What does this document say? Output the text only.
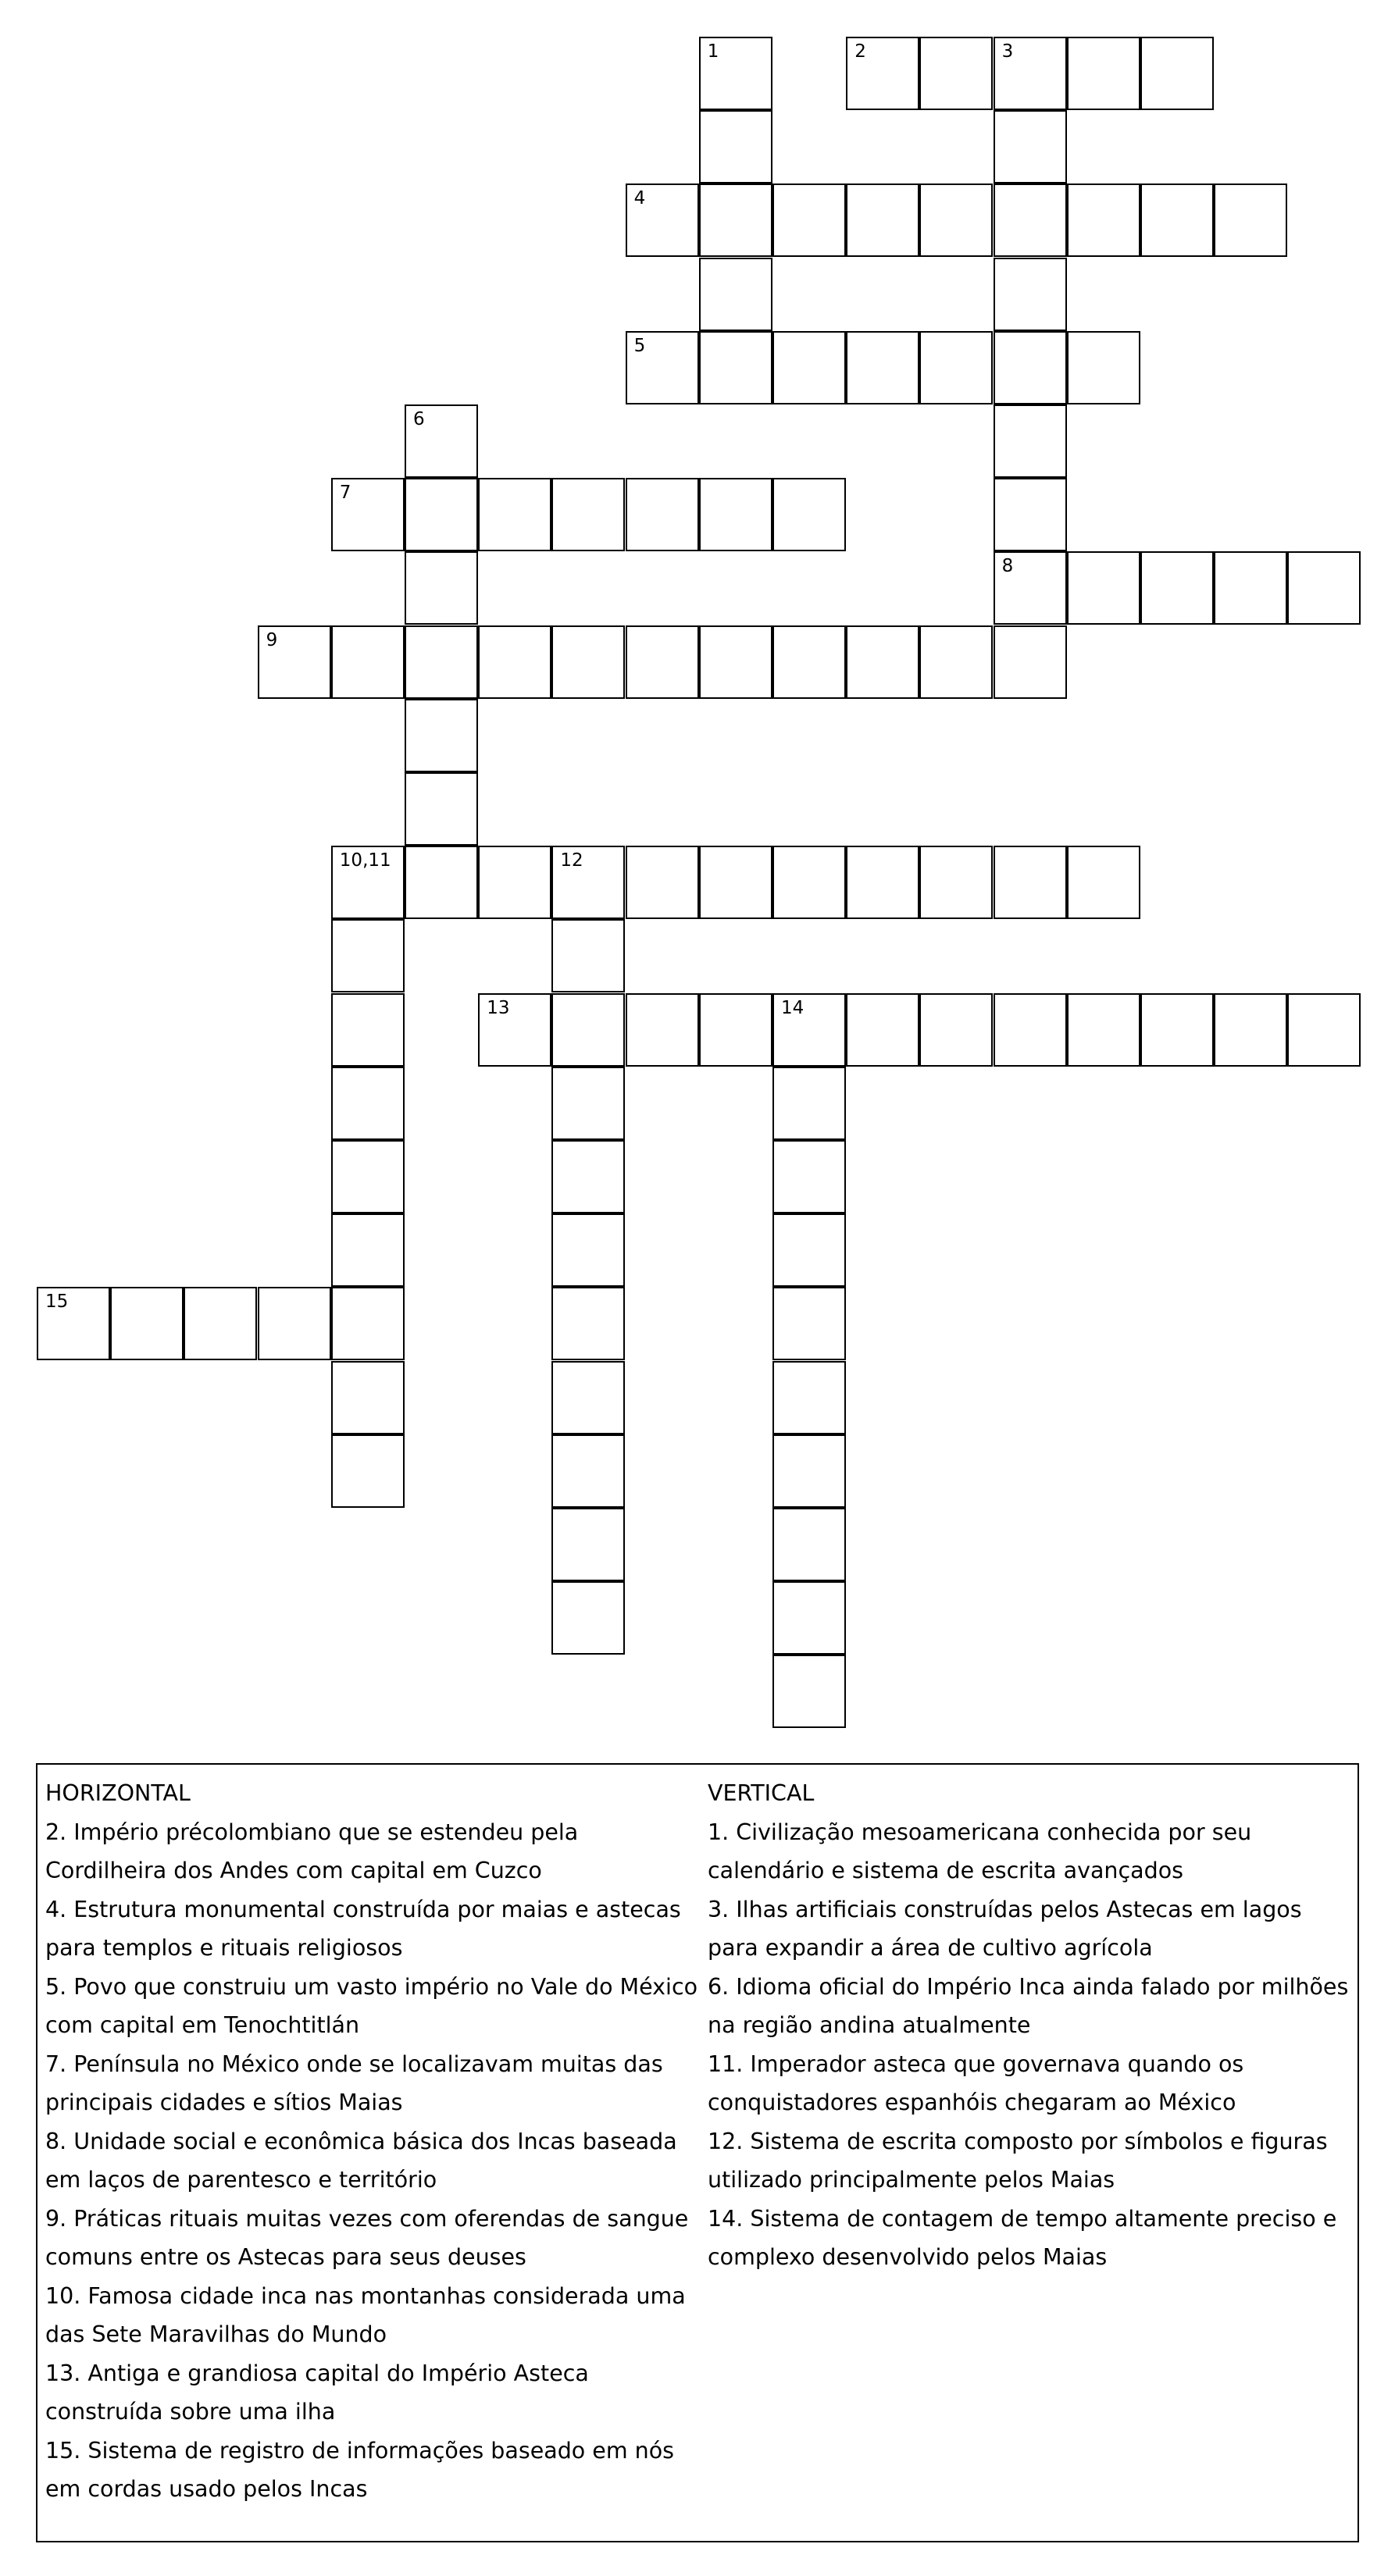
2	3
4
5
7
8
9
10,11	12
13	14
15
1
6

HORIZONTAL

2. Império précolombiano que se estendeu pela Cordilheira dos Andes com capital em Cuzco

4. Estrutura monumental construída por maias e astecas para templos e rituais religiosos

5. Povo que construiu um vasto império no Vale do México com capital em Tenochtitlán

7. Península no México onde se localizavam muitas das principais cidades e sítios Maias

8. Unidade social e econômica básica dos Incas baseada em laços de parentesco e território

9. Práticas rituais muitas vezes com oferendas de sangue comuns entre os Astecas para seus deuses

10. Famosa cidade inca nas montanhas considerada uma das Sete Maravilhas do Mundo

13. Antiga e grandiosa capital do Império Asteca construída sobre uma ilha

15. Sistema de registro de informações baseado em nós em cordas usado pelos Incas

VERTICAL

1. Civilização mesoamericana conhecida por seu calendário e sistema de escrita avançados

3. Ilhas artificiais construídas pelos Astecas em lagos para expandir a área de cultivo agrícola

6. Idioma oficial do Império Inca ainda falado por milhões na região andina atualmente

11. Imperador asteca que governava quando os conquistadores espanhóis chegaram ao México

12. Sistema de escrita composto por símbolos e figuras utilizado principalmente pelos Maias

14. Sistema de contagem de tempo altamente preciso e complexo desenvolvido pelos Maias
